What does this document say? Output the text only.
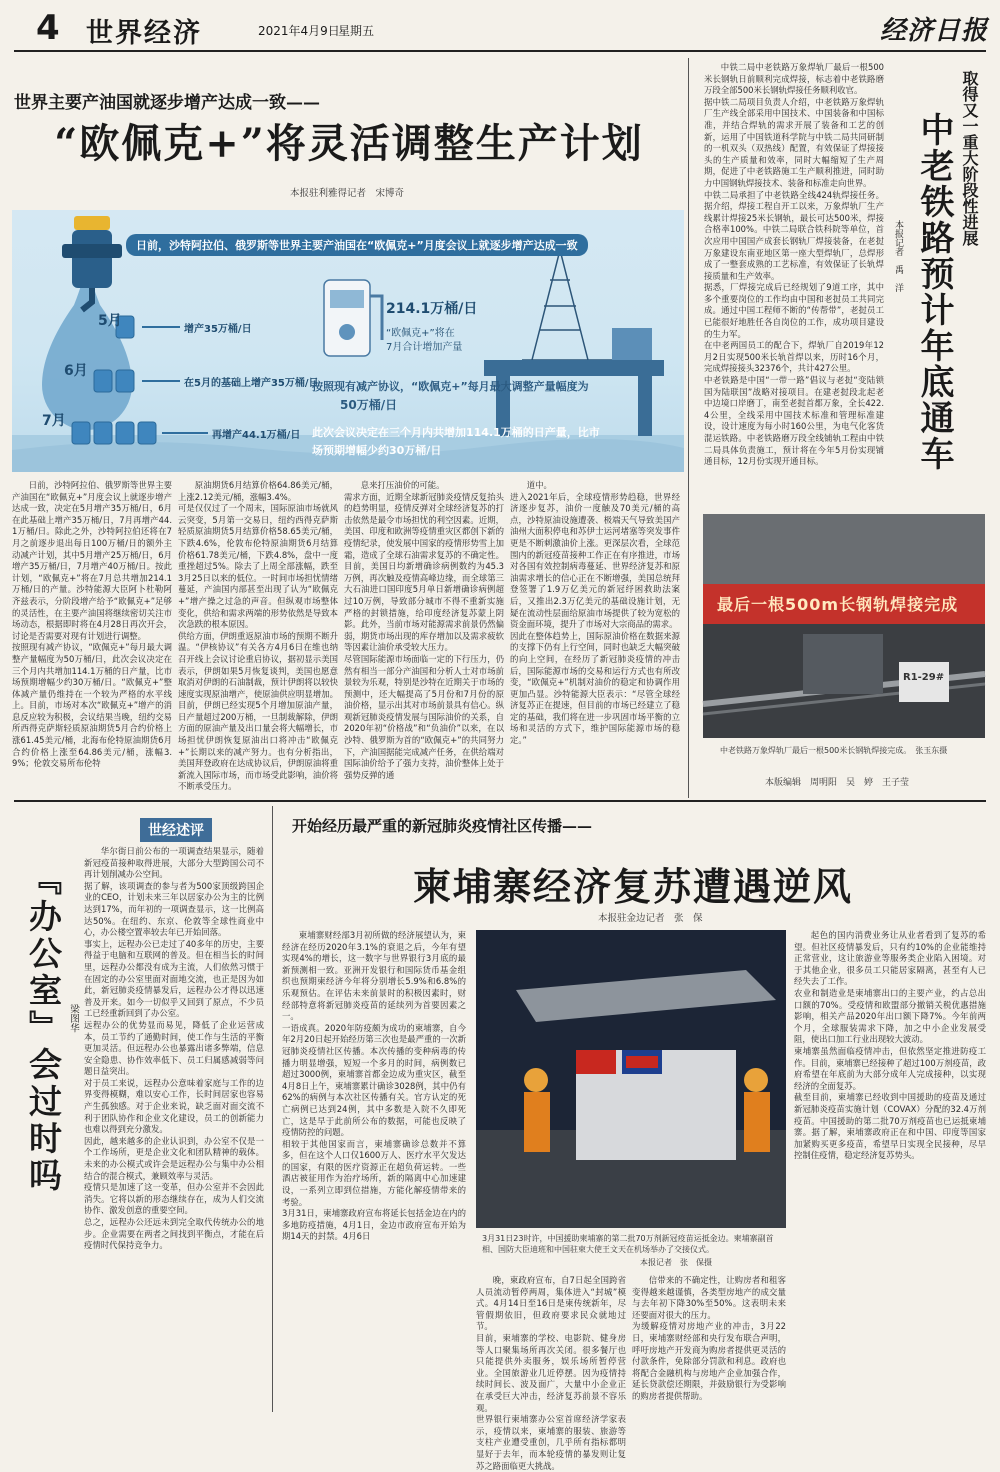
4 世界经济	2021年4月9日
星期五	经济日报
世界主要产油国就逐步增产达成一致——
“欧佩克+”将灵活调整生产计划
本报驻利雅得记者　宋博奇
日前，沙特阿拉伯、俄罗斯等世界主要产油国在“欧佩克+”月度会议上就逐步增产达成一致
5月
增产35万桶/日
6月
在5月的基础上增产35万桶/日
7月
再增产44.1万桶/日
214.1万桶/日
“欧佩克+”将在
7月合计增加产量
按照现有减产协议，“欧佩克+”每月最大调整产量幅度为
50万桶/日
此次会议决定在三个月内共增加114.1万桶的日产量，比市
场预期增幅少约30万桶/日
日前，沙特阿拉伯、俄罗斯等世界主要产油国在“欧佩克+”月度会议上就逐步增产达成一致，决定在5月增产35万桶/日，6月在此基础上增产35万桶/日，7月再增产44.1万桶/日。除此之外，沙特阿拉伯还将在7月之前逐步退出每日100万桶/日的额外主动减产计划，其中5月增产25万桶/日，6月增产35万桶/日，7月增产40万桶/日。按此计划，“欧佩克+”将在7月总共增加214.1万桶/日的产量。沙特能源大臣阿卜杜勒阿齐兹表示，分阶段增产给予“欧佩克+”足够的灵活性，在主要产油国将继续密切关注市场动态，根据即时将在4月28日再次开会，讨论是否需要对现有计划进行调整。
按照现有减产协议，“欧佩克+”每月最大调整产量幅度为50万桶/日，此次会议决定在三个月内共增加114.1万桶的日产量，比市场预期增幅少约30万桶/日。“欧佩克+”整体减产量仍维持在一个较为严格的水平线上。目前，市场对本次“欧佩克+”增产的消息反应较为积极，会议结果当晚，纽约交易所西得克萨斯轻质原油期货5月合约价格上涨61.45美元/桶，北海布伦特原油期货6月合约价格上涨至64.86美元/桶，涨幅3.9%；伦敦交易所布伦特
原油期货6月结算价格64.86美元/桶，上涨2.12美元/桶，涨幅3.4%。
可是仅仅过了一个周末，国际原油市场就风云突变，5月第一交易日，纽约西得克萨斯轻质原油期货5月结算价格58.65美元/桶，下跌4.6%，伦敦布伦特原油期货6月结算价格61.78美元/桶，下跌4.8%，盘中一度重挫超过5%。除去了上周全部涨幅，跌至3月25日以来的低位。一时间市场担忧情绪蔓延，产油国内部甚至出现了认为“欧佩克+”增产操之过急的声音。但纵观市场整体变化，供给和需求两端的形势依然是导致本次急跌的根本原因。
供给方面，伊朗重返原油市场的预期不断升温。“伊核协议”有关各方4月6日在维也纳召开线上会议讨论重启协议，据初显示美国表示，伊朗如果5月恢复谈判，美国也愿意取消对伊朗的石油制裁，预计伊朗将以较快速度实现原油增产，使原油供应明显增加。目前，伊朗已经实现5个月增加原油产量，日产量超过200万桶，一旦制裁解除，伊朗方面的原油产量及出口量会将大幅增长，市场担忧伊朗恢复原油出口将冲击“欧佩克+”长期以来的减产努力。也有分析指出，美国拜登政府在达成协议后，伊朗原油将重新流入国际市场，而市场受此影响，油价将不断承受压力。
息来打压油价的可能。
需求方面，近期全球新冠肺炎疫情反复抬头的趋势明显，疫情反弹对全球经济复苏的打击依然是最令市场担忧的利空因素。近期，美国、印度和欧洲等疫情重灾区都创下新的疫情纪录，使发展中国家的疫情形势雪上加霜，造成了全球石油需求复苏的不确定性。目前，美国日均新增确诊病例数约为45.3万例，再次触及疫情高峰边缘，而全球第三大石油进口国印度5月单日新增确诊病例超过10万例，导致部分城市不得不重新实施严格的封锁措施，给印度经济复苏蒙上阴影。此外，当前市场对能源需求前景仍然偏弱，期货市场出现的库存增加以及需求疲软等因素让油价承受较大压力。
尽管国际能源市场面临一定的下行压力，仍然有相当一部分产油国和分析人士对市场前景较为乐观，特别是沙特在近期关于市场的预测中，还大幅提高了5月份和7月份的原油价格，显示出其对市场前景具有信心。纵观新冠肺炎疫情发展与国际油价的关系，自2020年初“价格战”和“负油价”以来，在以沙特、俄罗斯为首的“欧佩克+”的共同努力下，产油国据能完成减产任务，在供给端对国际油价给予了强力支持，油价整体上处于强势反弹的通
道中。
进入2021年后，全球疫情形势趋稳，世界经济逐步复苏，油价一度触及70美元/桶的高点，沙特原油设施遭袭、极端天气导致美国产油州大面积停电和苏伊士运河堵塞等突发事件更是不断刺激油价上涨。更深层次看，全球范围内的新冠疫苗接种工作正在有序推进，市场对各国有效控制病毒蔓延、世界经济复苏和原油需求增长的信心正在不断增强，美国总统拜登签署了1.9万亿美元的新冠纾困救助法案后，又推出2.3万亿美元的基础设施计划，无疑在流动性层面给原油市场提供了较为宽松的资金面环境，提升了市场对大宗商品的需求。
因此在整体趋势上，国际原油价格在数据来源的支撑下仍有上行空间，同时也缺乏大幅突破的向上空间，在经历了新冠肺炎疫情的冲击后，国际能源市场的交易和运行方式也有所改变，“欧佩克+”机制对油价的稳定和协调作用更加凸显。沙特能源大臣表示：“尽管全球经济复苏正在提速，但目前的市场已经建立了稳定的基础，我们将在进一步巩固市场平衡的立场和灵活的方式下，维护国际能源市场的稳定。”
取得又一重大阶段性进展
中老铁路预计年底通车
本报记者　禹　洋
中铁二局中老铁路万象焊轨厂最后一根500米长钢轨日前顺利完成焊接，标志着中老铁路磨万段全部500米长钢轨焊接任务顺利收官。
据中铁二局项目负责人介绍，中老铁路万象焊轨厂生产线全部采用中国技术、中国装备和中国标准，并结合焊轨的需求开展了装备和工艺的创新，运用了中国铁道科学院与中铁二局共同研制的一机双头（双热线）配置，有效保证了焊接接头的生产质量和效率，同时大幅缩短了生产周期，促进了中老铁路施工生产顺利推进，同时助力中国钢轨焊接技术、装备和标准走向世界。
中铁二局承担了中老铁路全线424轨焊接任务。据介绍，焊接工程自开工以来，万象焊轨厂生产线累计焊接25米长钢轨，最长可达500米，焊接合格率100%。中铁二局联合铁科院等单位，首次应用中国国产成套长钢轨厂焊接装备，在老挝万象建设东南亚地区第一座大型焊轨厂，总焊形成了一整套成熟的工艺标准，有效保证了长轨焊接质量和生产效率。
据悉，厂焊接完成后已经规划了9道工序，其中多个重要岗位的工作均由中国和老挝员工共同完成。通过中国工程师不断的“传帮带”，老挝员工已能很好地胜任各自岗位的工作，成功项目建设的生力军。
在中老两国员工的配合下，焊轨厂自2019年12月2日实现500米长轨首焊以来，历时16个月，完成焊接接头32376个，共计427公里。
中老铁路是中国“一带一路”倡议与老挝“变陆锁国为陆联国”战略对接项目。在建老挝段北起老中边境口岸磨丁，南至老挝首都万象，全长422.4公里，全线采用中国技术标准和管理标准建设，设计速度为每小时160公里，为电气化客货混运铁路。中老铁路磨万段全线铺轨工程由中铁二局具体负责施工，预计将在今年5月份实现铺通目标，12月份实现开通目标。
最后一根500m长钢轨焊接完成
R1-29#
中老铁路万象焊轨厂最后一根500米长钢轨焊接完成。　张玉东摄
本版编辑　周明阳　吴　婷　王子莹
世经述评
『办公室』会过时吗 梁图华
华尔街日前公布的一项调查结果显示，随着新冠疫苗接种取得进展，大部分大型跨国公司不再计划削减办公空间。
据了解，该项调查的参与者为500家顶级跨国企业的CEO，计划未来三年以居家办公为主的比例达到17%，而年初的一项调查显示，这一比例高达50%。在纽约、东京、伦敦等全球性商业中心，办公楼空置率较去年已开始回落。
事实上，远程办公已走过了40多年的历史，主要得益于电脑和互联网的普及。但在相当长的时间里，远程办公都没有成为主流，人们依然习惯于在固定的办公室里面对面地交流，也正是因为如此，新冠肺炎疫情暴发后，远程办公才得以迅速普及开来。如今一切似乎又回到了原点，不少员工已经重新回到了办公室。
远程办公的优势显而易见，降低了企业运营成本，员工节约了通勤时间，使工作与生活的平衡更加灵活。但远程办公也暴露出诸多弊端，信息安全隐患、协作效率低下、员工归属感减弱等问题日益突出。
对于员工来说，远程办公意味着家庭与工作的边界变得模糊，难以安心工作，长时间居家也容易产生孤独感。对于企业来说，缺乏面对面交流不利于团队协作和企业文化建设，员工的创新能力也难以得到充分激发。
因此，越来越多的企业认识到，办公室不仅是一个工作场所，更是企业文化和团队精神的载体。未来的办公模式或许会是远程办公与集中办公相结合的混合模式，兼顾效率与灵活。
疫情只是加速了这一变革，但办公室并不会因此消失。它将以新的形态继续存在，成为人们交流协作、激发创意的重要空间。
总之，远程办公还远未到完全取代传统办公的地步。企业需要在两者之间找到平衡点，才能在后疫情时代保持竞争力。
开始经历最严重的新冠肺炎疫情社区传播——
柬埔寨经济复苏遭遇逆风
本报驻金边记者　张　保
柬埔寨财经部3月初所做的经济展望认为，柬经济在经历2020年3.1%的衰退之后，今年有望实现4%的增长，这一数字与世界银行3月底的最新预测相一致。亚洲开发银行和国际货币基金组织也预期柬经济今年将分别增长5.9%和6.8%的乐观预估。在评估未来前景时的积极因素时，财经部特意将新冠肺炎疫苗的延续列为首要因素之一。
一语成真。2020年防疫颇为成功的柬埔寨，自今年2月20日起开始经历第三次也是最严重的一次新冠肺炎疫情社区传播。本次传播的变种病毒的传播力明显增强，短短一个多月的时间，病例数已超过3000例，柬埔寨首都金边成为重灾区，截至4月8日上午，柬埔寨累计确诊3028例，其中仍有62%的病例与本次社区传播有关。官方认定的死亡病例已达到24例，其中多数是入院不久即死亡，这是早于此前所公布的数据，可能也反映了疫情防控的问题。
相较于其他国家而言，柬埔寨确诊总数并不算多，但在这个人口仅1600万人、医疗水平欠发达的国家，有限的医疗资源正在超负荷运转。一些酒店被征用作为治疗场所，新的隔离中心加速建设，一系列立即到位措施，方能化解疫情带来的考验。
3月31日，柬埔寨政府宣布将延长包括金边在内的多地防疫措施，4月1日，金边市政府宣布开始为期14天的封禁。4月6日	3月31日23时许，中国援助柬埔寨的第二批70万剂新冠疫苗运抵金边。柬埔寨副首相、国防大臣迪班和中国驻柬大使王文天在机场举办了交接仪式。
本报记者　张　保摄
晚，柬政府宣布，自7日起全国跨省人员流动暂停两周，集体进入“封城”模式。4月14日至16日是柬传统新年，尽管假期依旧，但政府要求民众就地过节。
目前，柬埔寨的学校、电影院、健身房等人口聚集场所再次关闭。很多餐厅也只能提供外卖服务，娱乐场所暂停营业。全国旅游业几近停摆。因为疫情持续时间长、波及面广，大量中小企业正在承受巨大冲击，经济复苏前景不容乐观。
世界银行柬埔寨办公室首席经济学家表示，疫情以来，柬埔寨的服装、旅游等支柱产业遭受重创，几乎所有指标都明显好于去年，而本轮疫情的暴发则让复苏之路面临更大挑战。
信带来的不确定性，让购房者和租客变得越来越谨慎，各类型房地产的成交量与去年初下降30%至50%。这表明未来还要面对很大的压力。
为缓解疫情对房地产业的冲击，3月22日，柬埔寨财经部和央行发布联合声明，呼吁房地产开发商为购房者提供更灵活的付款条件，免除部分罚款和利息。政府也将配合金融机构与房地产企业加强合作，延长贷款偿还期限，并鼓励银行为受影响的购房者提供帮助。
起色的国内消费业务让从业者看到了复苏的希望。但社区疫情暴发后，只有约10%的企业能维持正常营业，这让旅游业等服务类企业陷入困境。对于其他企业，很多员工只能居家隔离，甚至有人已经失去了工作。
农业和制造业是柬埔寨出口的主要产业，约占总出口额的70%。受疫情和欧盟部分撤销关税优惠措施影响，相关产品2020年出口额下降7%。今年前两个月，全球服装需求下降，加之中小企业发展受阻，使出口加工行业出现较大波动。
柬埔寨虽然面临疫情冲击，但依然坚定推进防疫工作。目前，柬埔寨已经接种了超过100万剂疫苗，政府希望在年底前为大部分成年人完成接种，以实现经济的全面复苏。
截至目前，柬埔寨已经收到中国援助的疫苗及通过新冠肺炎疫苗实施计划（COVAX）分配的32.4万剂疫苗。中国援助的第二批70万剂疫苗也已运抵柬埔寨。据了解，柬埔寨政府正在和中国、印度等国家加紧购买更多疫苗，希望早日实现全民接种，尽早控制住疫情，稳定经济复苏势头。
